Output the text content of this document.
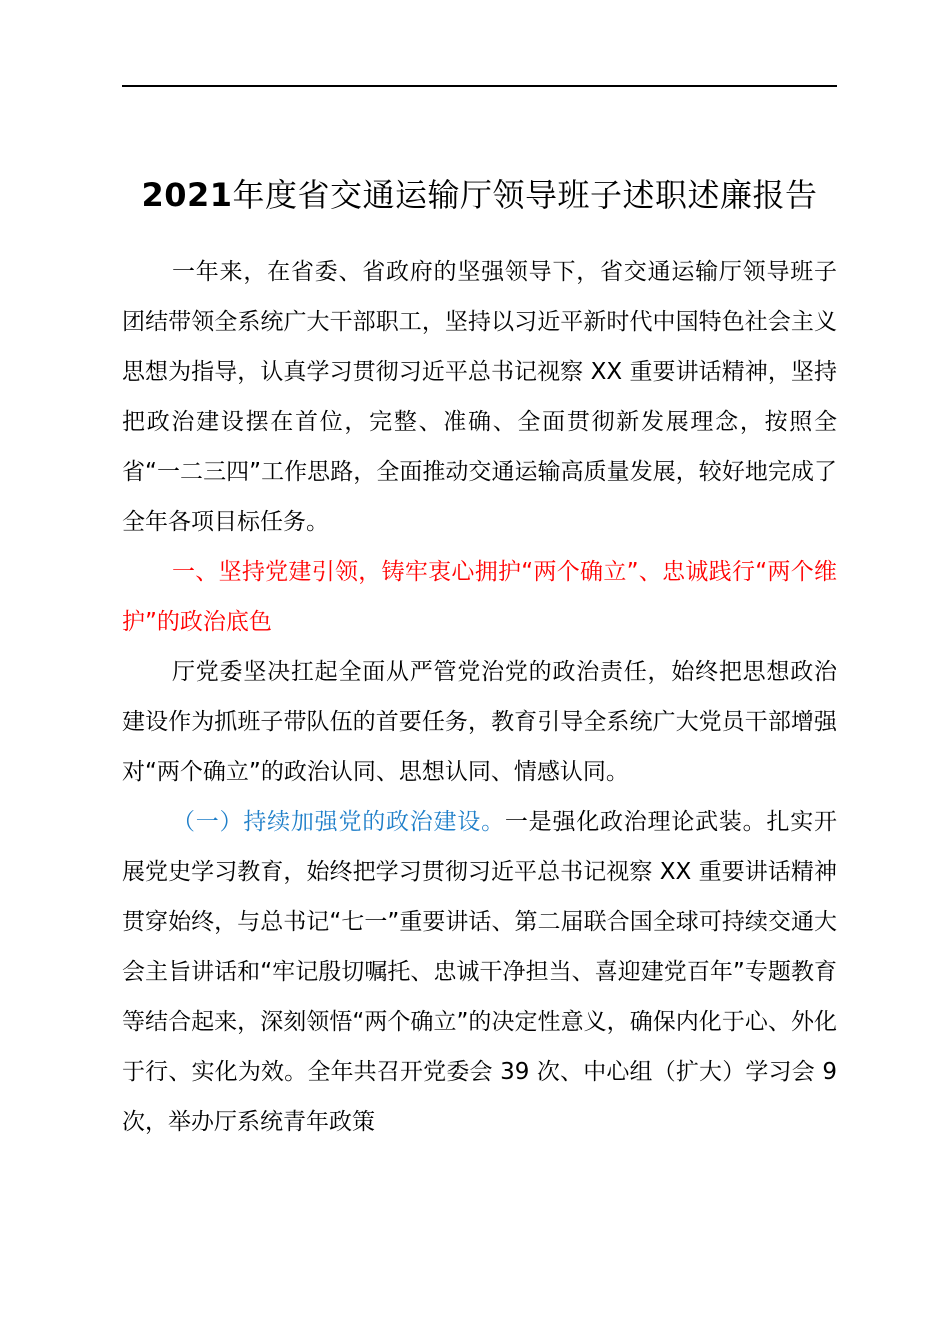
2021年度省交通运输厅领导班子述职述廉报告

一年来，在省委、省政府的坚强领导下，省交通运输厅领导班子团结带领全系统广大干部职工，坚持以习近平新时代中国特色社会主义思想为指导，认真学习贯彻习近平总书记视察 XX 重要讲话精神，坚持把政治建设摆在首位，完整、准确、全面贯彻新发展理念，按照全省“一二三四”工作思路，全面推动交通运输高质量发展，较好地完成了全年各项目标任务。

一、坚持党建引领，铸牢衷心拥护“两个确立”、忠诚践行“两个维护”的政治底色

厅党委坚决扛起全面从严管党治党的政治责任，始终把思想政治建设作为抓班子带队伍的首要任务，教育引导全系统广大党员干部增强对“两个确立”的政治认同、思想认同、情感认同。

（一）持续加强党的政治建设。一是强化政治理论武装。扎实开展党史学习教育，始终把学习贯彻习近平总书记视察 XX 重要讲话精神贯穿始终，与总书记“七一”重要讲话、第二届联合国全球可持续交通大会主旨讲话和“牢记殷切嘱托、忠诚干净担当、喜迎建党百年”专题教育等结合起来，深刻领悟“两个确立”的决定性意义，确保内化于心、外化于行、实化为效。全年共召开党委会 39 次、中心组（扩大）学习会 9 次，举办厅系统青年政策
